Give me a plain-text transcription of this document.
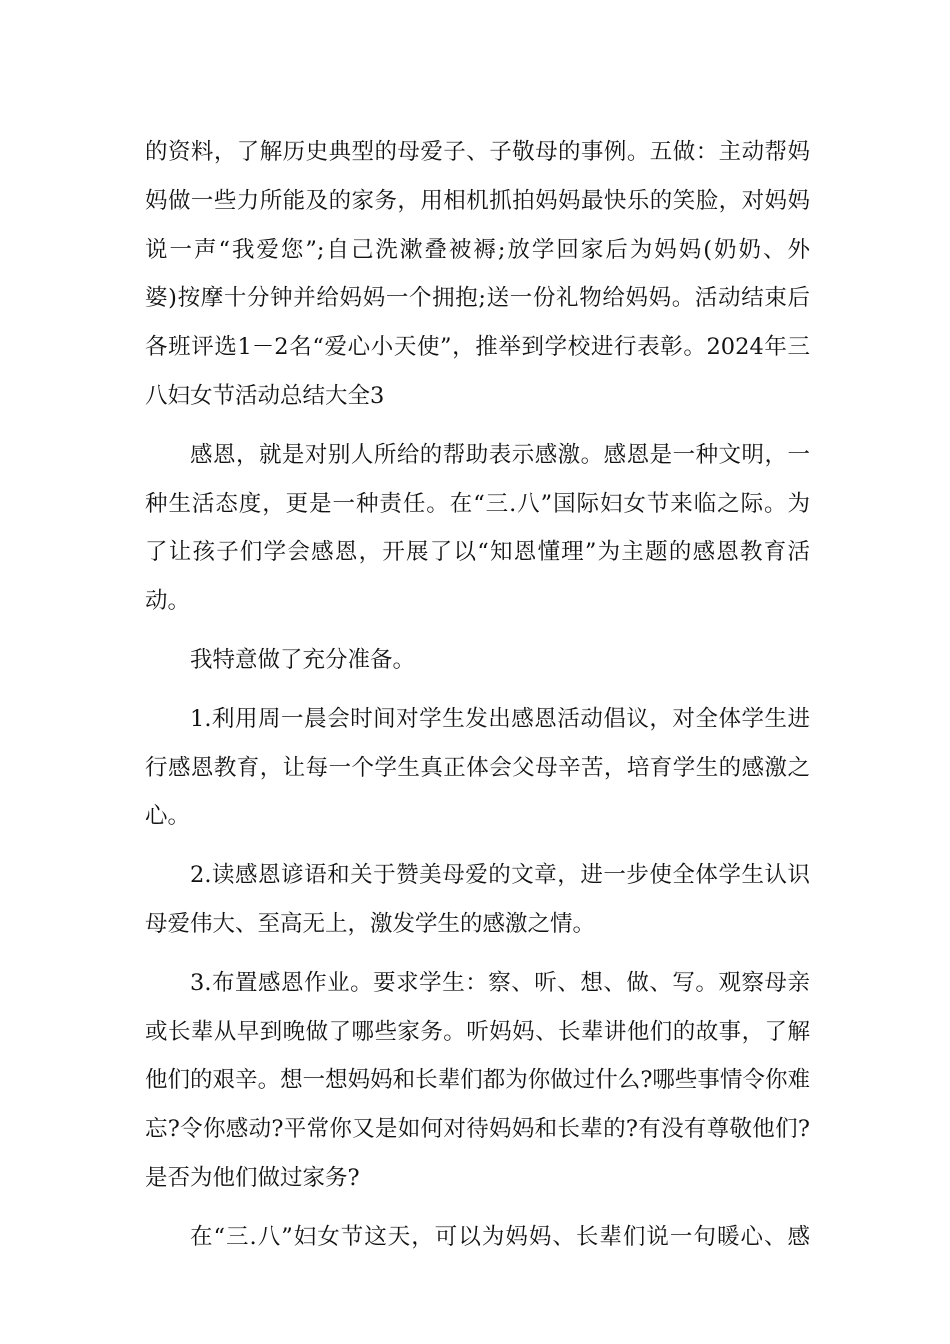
的资料，了解历史典型的母爱子、子敬母的事例。五做：主动帮妈
妈做一些力所能及的家务，用相机抓拍妈妈最快乐的笑脸，对妈妈
说一声“我爱您”;自己洗漱叠被褥;放学回家后为妈妈(奶奶、外
婆)按摩十分钟并给妈妈一个拥抱;送一份礼物给妈妈。活动结束后
各班评选1－2名“爱心小天使”，推举到学校进行表彰。2024年三
八妇女节活动总结大全3
感恩，就是对别人所给的帮助表示感激。感恩是一种文明，一
种生活态度，更是一种责任。在“三.八”国际妇女节来临之际。为
了让孩子们学会感恩，开展了以“知恩懂理”为主题的感恩教育活
动。
我特意做了充分准备。
1.利用周一晨会时间对学生发出感恩活动倡议，对全体学生进
行感恩教育，让每一个学生真正体会父母辛苦，培育学生的感激之
心。
2.读感恩谚语和关于赞美母爱的文章，进一步使全体学生认识
母爱伟大、至高无上，激发学生的感激之情。
3.布置感恩作业。要求学生：察、听、想、做、写。观察母亲
或长辈从早到晚做了哪些家务。听妈妈、长辈讲他们的故事，了解
他们的艰辛。想一想妈妈和长辈们都为你做过什么?哪些事情令你难
忘?令你感动?平常你又是如何对待妈妈和长辈的?有没有尊敬他们?
是否为他们做过家务?
在“三.八”妇女节这天，可以为妈妈、长辈们说一句暖心、感
